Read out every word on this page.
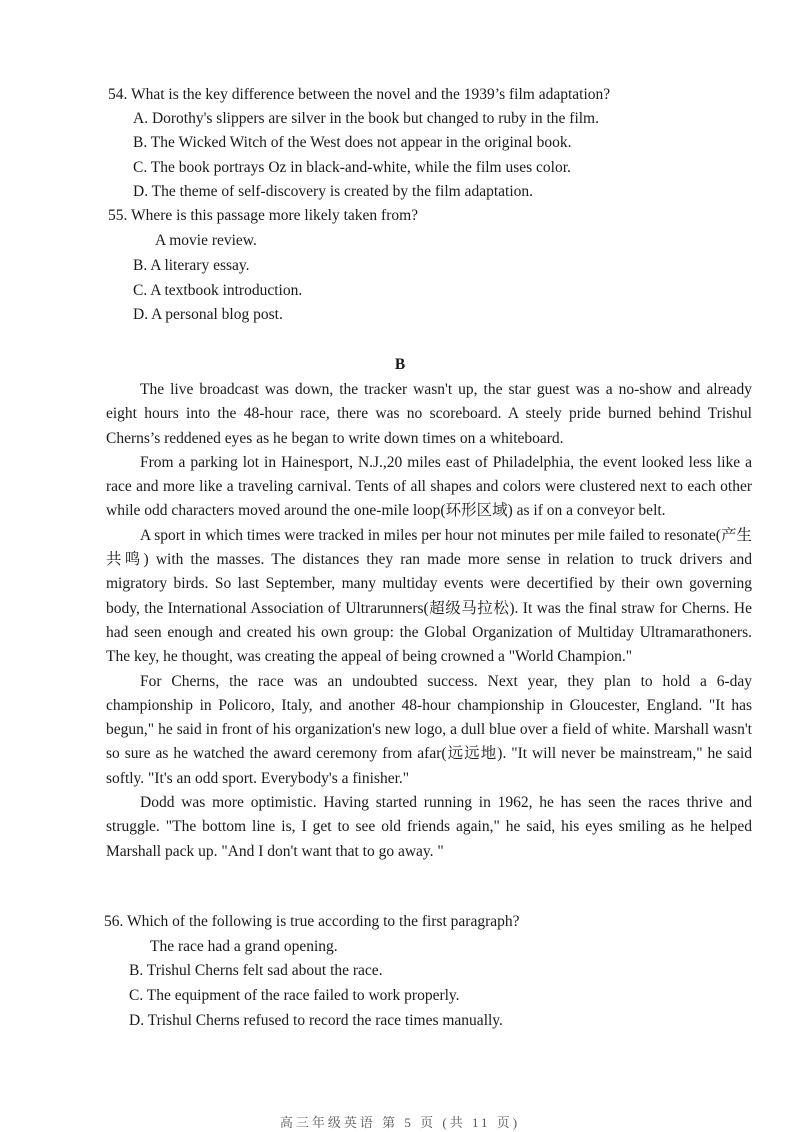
54. What is the key difference between the novel and the 1939’s film adaptation?
A. Dorothy's slippers are silver in the book but changed to ruby in the film.
B. The Wicked Witch of the West does not appear in the original book.
C. The book portrays Oz in black-and-white, while the film uses color.
D. The theme of self-discovery is created by the film adaptation.
55. Where is this passage more likely taken from?
A movie review.
B. A literary essay.
C. A textbook introduction.
D. A personal blog post.
B

The live broadcast was down, the tracker wasn't up, the star guest was a no-show and already eight hours into the 48-hour race, there was no scoreboard. A steely pride burned behind Trishul Cherns’s reddened eyes as he began to write down times on a whiteboard.

From a parking lot in Hainesport, N.J.,20 miles east of Philadelphia, the event looked less like a race and more like a traveling carnival. Tents of all shapes and colors were clustered next to each other while odd characters moved around the one-mile loop(环形区域) as if on a conveyor belt.

A sport in which times were tracked in miles per hour not minutes per mile failed to resonate(产生共鸣) with the masses. The distances they ran made more sense in relation to truck drivers and migratory birds. So last September, many multiday events were decertified by their own governing body, the International Association of Ultrarunners(超级马拉松). It was the final straw for Cherns. He had seen enough and created his own group: the Global Organization of Multiday Ultramarathoners. The key, he thought, was creating the appeal of being crowned a "World Champion."

For Cherns, the race was an undoubted success. Next year, they plan to hold a 6-day championship in Policoro, Italy, and another 48-hour championship in Gloucester, England. "It has begun," he said in front of his organization's new logo, a dull blue over a field of white. Marshall wasn't so sure as he watched the award ceremony from afar(远远地). "It will never be mainstream," he said softly. "It's an odd sport. Everybody's a finisher."

Dodd was more optimistic. Having started running in 1962, he has seen the races thrive and struggle. "The bottom line is, I get to see old friends again," he said, his eyes smiling as he helped Marshall pack up. "And I don't want that to go away. "

56. Which of the following is true according to the first paragraph?
The race had a grand opening.
B. Trishul Cherns felt sad about the race.
C. The equipment of the race failed to work properly.
D. Trishul Cherns refused to record the race times manually.
高三年级英语 第 5 页 (共 11 页)
